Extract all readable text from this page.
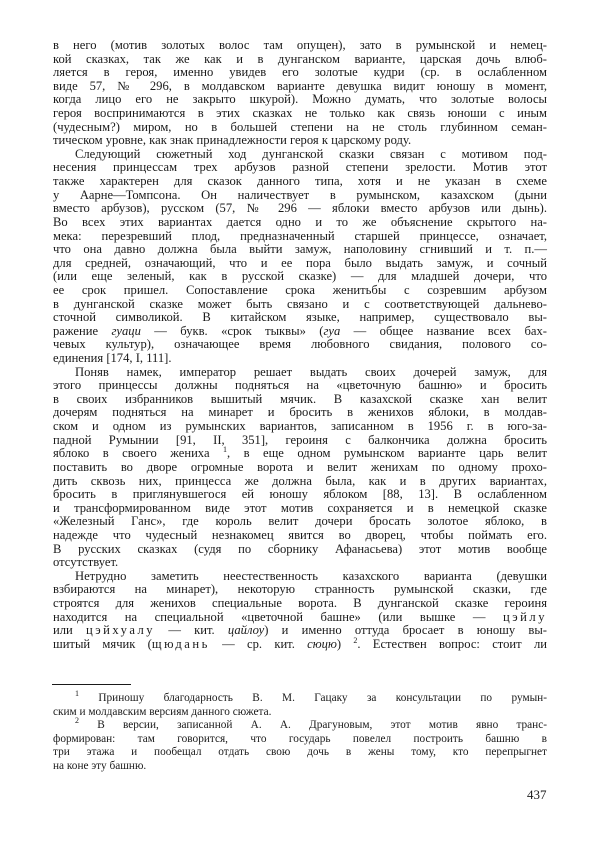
в него (мотив золотых волос там опущен), зато в румынской и немец-
кой сказках, так же как и в дунганском варианте, царская дочь влюб-
ляется в героя, именно увидев его золотые кудри (ср. в ослабленном
виде 57, № 296, в молдавском варианте девушка видит юношу в момент,
когда лицо его не закрыто шкурой). Можно думать, что золотые волосы
героя воспринимаются в этих сказках не только как связь юноши с иным
(чудесным?) миром, но в большей степени на не столь глубинном семан-
тическом уровне, как знак принадлежности героя к царскому роду.
Следующий сюжетный ход дунганской сказки связан с мотивом под-
несения принцессам трех арбузов разной степени зрелости. Мотив этот
также характерен для сказок данного типа, хотя и не указан в схеме
у Аарне—Томпсона. Он наличествует в румынском, казахском (дыни
вместо арбузов), русском (57, № 296 — яблоки вместо арбузов или дынь).
Во всех этих вариантах дается одно и то же объяснение скрытого на-
мека: перезревший плод, предназначенный старшей принцессе, означает,
что она давно должна была выйти замуж, наполовину сгнивший и т. п.—
для средней, означающий, что и ее пора было выдать замуж, и сочный
(или еще зеленый, как в русской сказке) — для младшей дочери, что
ее срок пришел. Сопоставление срока женитьбы с созревшим арбузом
в дунганской сказке может быть связано и с соответствующей дальнево-
сточной символикой. В китайском языке, например, существовало вы-
ражение гуаци — букв. «срок тыквы» (гуа — общее название всех бах-
чевых культур), означающее время любовного свидания, полового со-
единения [174, I, 111].
Поняв намек, император решает выдать своих дочерей замуж, для
этого принцессы должны подняться на «цветочную башню» и бросить
в своих избранников вышитый мячик. В казахской сказке хан велит
дочерям подняться на минарет и бросить в женихов яблоки, в молдав-
ском и одном из румынских вариантов, записанном в 1956 г. в юго-за-
падной Румынии [91, II, 351], героиня с балкончика должна бросить
яблоко в своего жениха $^1$, в еще одном румынском варианте царь велит
поставить во дворе огромные ворота и велит женихам по одному прохо-
дить сквозь них, принцесса же должна была, как и в других вариантах,
бросить в приглянувшегося ей юношу яблоком [88, 13]. В ослабленном
и трансформированном виде этот мотив сохраняется и в немецкой сказке
«Железный Ганс», где король велит дочери бросать золотое яблоко, в
надежде что чудесный незнакомец явится во дворец, чтобы поймать его.
В русских сказках (судя по сборнику Афанасьева) этот мотив вообще
отсутствует.
Нетрудно заметить неестественность казахского варианта (девушки
взбираются на минарет), некоторую странность румынской сказки, где
строятся для женихов специальные ворота. В дунганской сказке героиня
находится на специальной «цветочной башне» (или вышке — цэйлу
или цэйхуалу — кит. цайлоу) и именно оттуда бросает в юношу вы-
шитый мячик (щюдань — ср. кит. сюцю) $^2$. Естествен вопрос: стоит ли
$^1$ Приношу благодарность В. М. Гацаку за консультации по румын-
ским и молдавским версиям данного сюжета.
$^2$ В версии, записанной А. А. Драгуновым, этот мотив явно транс-
формирован: там говорится, что государь повелел построить башню в
три этажа и пообещал отдать свою дочь в жены тому, кто перепрыгнет
на коне эту башню.
437
